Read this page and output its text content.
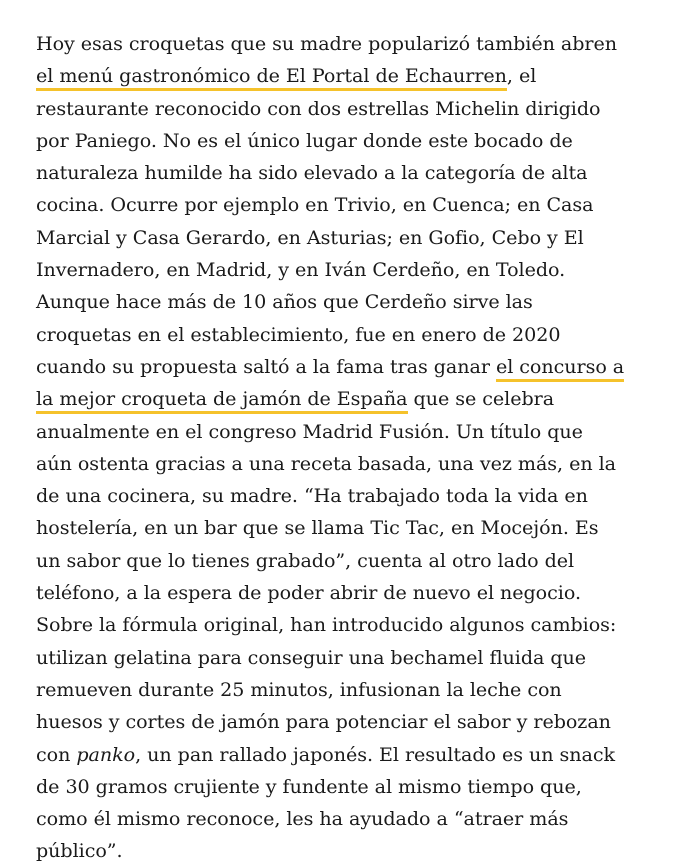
Hoy esas croquetas que su madre popularizó también abren
el menú gastronómico de El Portal de Echaurren, el
restaurante reconocido con dos estrellas Michelin dirigido
por Paniego. No es el único lugar donde este bocado de
naturaleza humilde ha sido elevado a la categoría de alta
cocina. Ocurre por ejemplo en Trivio, en Cuenca; en Casa
Marcial y Casa Gerardo, en Asturias; en Gofio, Cebo y El
Invernadero, en Madrid, y en Iván Cerdeño, en Toledo.
Aunque hace más de 10 años que Cerdeño sirve las
croquetas en el establecimiento, fue en enero de 2020
cuando su propuesta saltó a la fama tras ganar el concurso a
la mejor croqueta de jamón de España que se celebra
anualmente en el congreso Madrid Fusión. Un título que
aún ostenta gracias a una receta basada, una vez más, en la
de una cocinera, su madre. “Ha trabajado toda la vida en
hostelería, en un bar que se llama Tic Tac, en Mocejón. Es
un sabor que lo tienes grabado”, cuenta al otro lado del
teléfono, a la espera de poder abrir de nuevo el negocio.
Sobre la fórmula original, han introducido algunos cambios:
utilizan gelatina para conseguir una bechamel fluida que
remueven durante 25 minutos, infusionan la leche con
huesos y cortes de jamón para potenciar el sabor y rebozan
con panko, un pan rallado japonés. El resultado es un snack
de 30 gramos crujiente y fundente al mismo tiempo que,
como él mismo reconoce, les ha ayudado a “atraer más
público”.
